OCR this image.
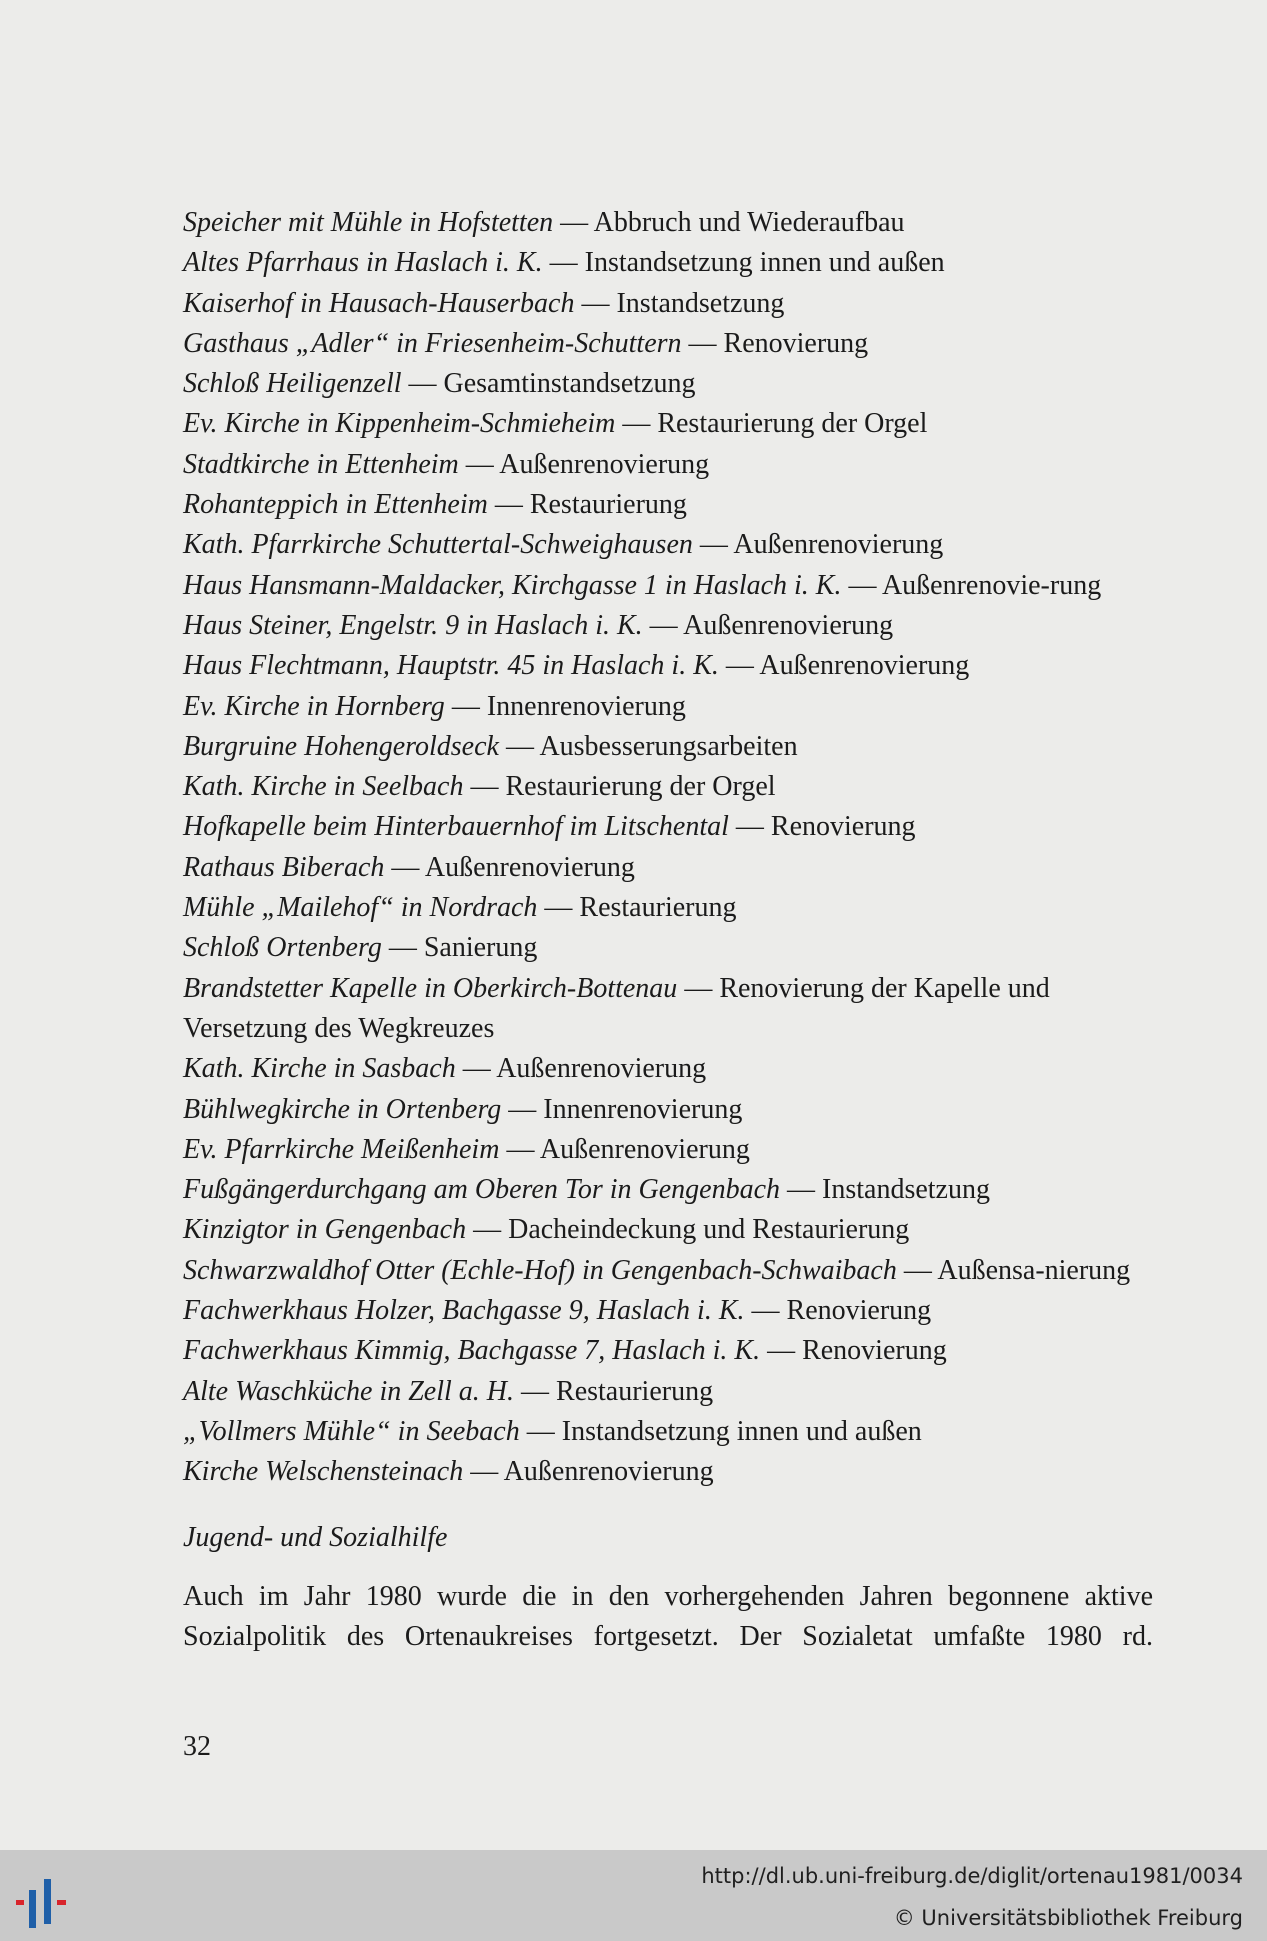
Speicher mit Mühle in Hofstetten — Abbruch und Wiederaufbau
Altes Pfarrhaus in Haslach i. K. — Instandsetzung innen und außen
Kaiserhof in Hausach-Hauserbach — Instandsetzung
Gasthaus „Adler“ in Friesenheim-Schuttern — Renovierung
Schloß Heiligenzell — Gesamtinstandsetzung
Ev. Kirche in Kippenheim-Schmieheim — Restaurierung der Orgel
Stadtkirche in Ettenheim — Außenrenovierung
Rohanteppich in Ettenheim — Restaurierung
Kath. Pfarrkirche Schuttertal-Schweighausen — Außenrenovierung
Haus Hansmann-Maldacker, Kirchgasse 1 in Haslach i. K. — Außenrenovie-rung
Haus Steiner, Engelstr. 9 in Haslach i. K. — Außenrenovierung
Haus Flechtmann, Hauptstr. 45 in Haslach i. K. — Außenrenovierung
Ev. Kirche in Hornberg — Innenrenovierung
Burgruine Hohengeroldseck — Ausbesserungsarbeiten
Kath. Kirche in Seelbach — Restaurierung der Orgel
Hofkapelle beim Hinterbauernhof im Litschental — Renovierung
Rathaus Biberach — Außenrenovierung
Mühle „Mailehof“ in Nordrach — Restaurierung
Schloß Ortenberg — Sanierung
Brandstetter Kapelle in Oberkirch-Bottenau — Renovierung der Kapelle und Versetzung des Wegkreuzes
Kath. Kirche in Sasbach — Außenrenovierung
Bühlwegkirche in Ortenberg — Innenrenovierung
Ev. Pfarrkirche Meißenheim — Außenrenovierung
Fußgängerdurchgang am Oberen Tor in Gengenbach — Instandsetzung
Kinzigtor in Gengenbach — Dacheindeckung und Restaurierung
Schwarzwaldhof Otter (Echle-Hof) in Gengenbach-Schwaibach — Außensa-nierung
Fachwerkhaus Holzer, Bachgasse 9, Haslach i. K. — Renovierung
Fachwerkhaus Kimmig, Bachgasse 7, Haslach i. K. — Renovierung
Alte Waschküche in Zell a. H. — Restaurierung
„Vollmers Mühle“ in Seebach — Instandsetzung innen und außen
Kirche Welschensteinach — Außenrenovierung
Jugend- und Sozialhilfe
Auch im Jahr 1980 wurde die in den vorhergehenden Jahren begonnene aktive
Sozialpolitik des Ortenaukreises fortgesetzt. Der Sozialetat umfaßte 1980 rd.
32
http://dl.ub.uni-freiburg.de/diglit/ortenau1981/0034
© Universitätsbibliothek Freiburg
